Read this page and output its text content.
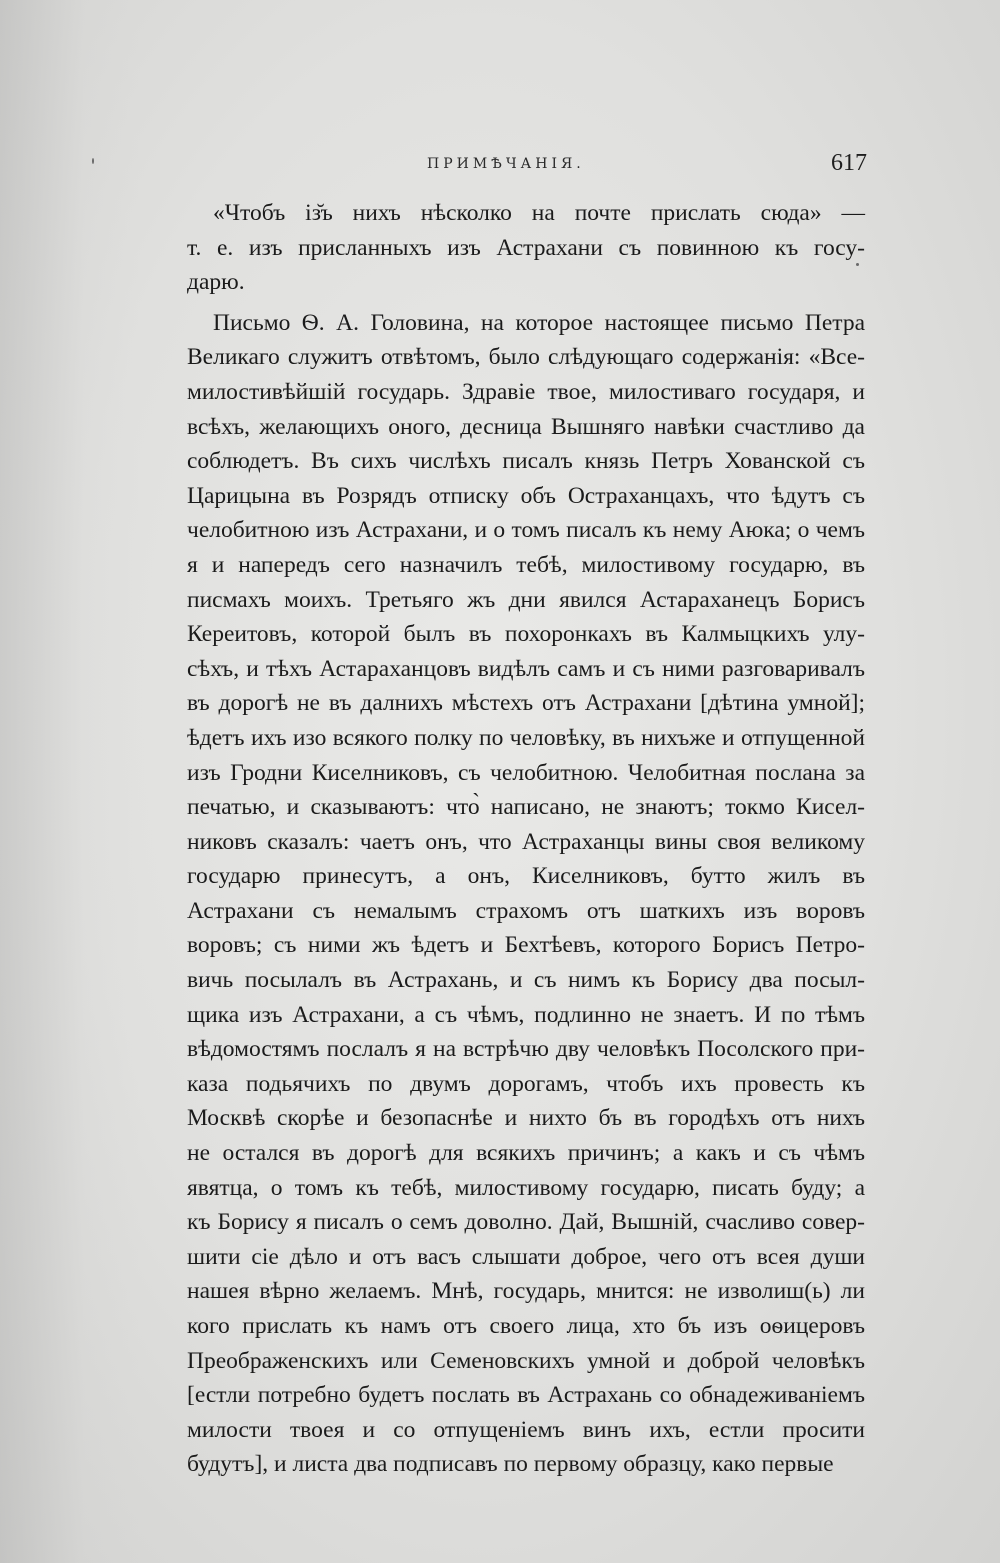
ПРИМѢЧАНІЯ.	617
«Чтобъ із̆ъ нихъ нѣсколко на почте прислать сюда» —
т. е. изъ присланныхъ изъ Астрахани съ повинною къ госу-
дарю.
Письмо Ѳ. А. Головина, на которое настоящее письмо Петра
Великаго служитъ отвѣтомъ, было слѣдующаго содержанія: «Все-
милостивѣйшій государь. Здравіе твое, милостиваго государя, и
всѣхъ, желающихъ оного, десница Вышняго навѣки счастливо да
соблюдетъ. Въ сихъ числѣхъ писалъ князь Петръ Хованской съ
Царицына въ Розрядъ отписку объ Остраханцахъ, что ѣдутъ съ
челобитною изъ Астрахани, и о томъ писалъ къ нему Аюка; о чемъ
я и напередъ сего назначилъ тебѣ, милостивому государю, въ
писмахъ моихъ. Третьяго жъ дни явился Астараханецъ Борисъ
Кереитовъ, которой былъ въ похоронкахъ въ Калмыцкихъ улу-
сѣхъ, и тѣхъ Астараханцовъ видѣлъ самъ и съ ними разговаривалъ
въ дорогѣ не въ далнихъ мѣстехъ отъ Астрахани [дѣтина умной];
ѣдетъ ихъ изо всякого полку по человѣку, въ нихъже и отпущенной
изъ Гродни Киселниковъ, съ челобитною. Челобитная послана за
печатью, и сказываютъ: что̀ написано, не знаютъ; токмо Кисел-
никовъ сказалъ: чаетъ онъ, что Астраханцы вины своя великому
государю принесутъ, а онъ, Киселниковъ, бутто жилъ въ
Астрахани съ немалымъ страхомъ отъ шаткихъ изъ воровъ
воровъ; съ ними жъ ѣдетъ и Бехтѣевъ, которого Борисъ Петро-
вичь посылалъ въ Астрахань, и съ нимъ къ Борису два посыл-
щика изъ Астрахани, а съ чѣмъ, подлинно не знаетъ. И по тѣмъ
вѣдомостямъ послалъ я на встрѣчю дву человѣкъ Посолского при-
каза подьячихъ по двумъ дорогамъ, чтобъ ихъ провесть къ
Москвѣ скорѣе и безопаснѣе и нихто бъ въ городѣхъ отъ нихъ
не остался въ дорогѣ для всякихъ причинъ; а какъ и съ чѣмъ
явятца, о томъ къ тебѣ, милостивому государю, писать буду; а
къ Борису я писалъ о семъ доволно. Дай, Вышній, счасливо совер-
шити сіе дѣло и отъ васъ слышати доброе, чего отъ всея души
нашея вѣрно желаемъ. Мнѣ, государь, мнится: не изволиш(ь) ли
кого прислать къ намъ отъ своего лица, хто бъ изъ оѳицеровъ
Преображенскихъ или Семеновскихъ умной и доброй человѣкъ
[естли потребно будетъ послать въ Астрахань со обнадеживаніемъ
милости твоея и со отпущеніемъ винъ ихъ, естли просити
будутъ], и листа два подписавъ по первому образцу, како первые
